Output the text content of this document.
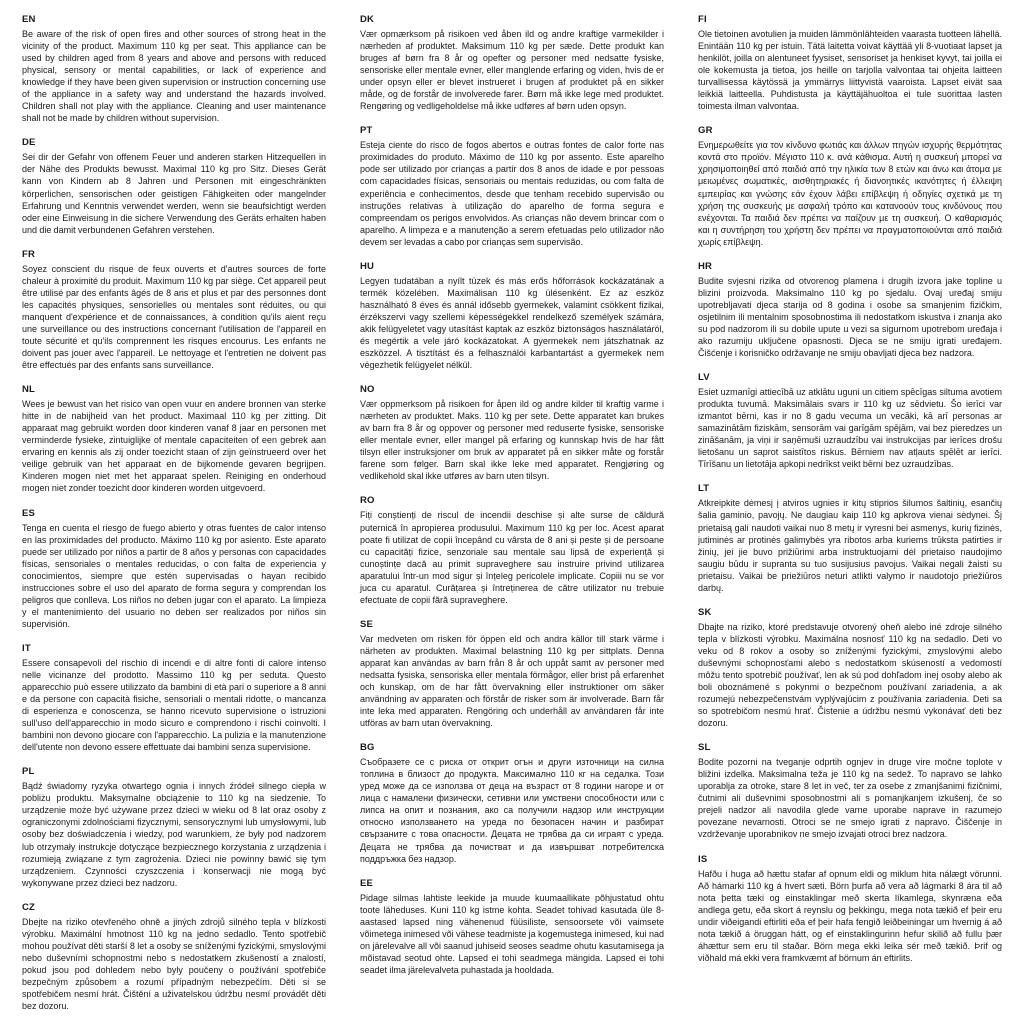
EN

Be aware of the risk of open fires and other sources of strong heat in the vicinity of the product. Maximum 110 kg per seat. This appliance can be used by children aged from 8 years and above and persons with reduced physical, sensory or mental capabilities, or lack of experience and knowledge if they have been given supervision or instruction concerning use of the appliance in a safety way and understand the hazards involved. Children shall not play with the appliance. Cleaning and user maintenance shall not be made by children without supervision.

DE

Sei dir der Gefahr von offenem Feuer und anderen starken Hitzequellen in der Nähe des Produkts bewusst. Maximal 110 kg pro Sitz. Dieses Gerät kann von Kindern ab 8 Jahren und Personen mit eingeschränkten körperlichen, sensorischen oder geistigen Fähigkeiten oder mangelnder Erfahrung und Kenntnis verwendet werden, wenn sie beaufsichtigt werden oder eine Einweisung in die sichere Verwendung des Geräts erhalten haben und die damit verbundenen Gefahren verstehen.

FR

Soyez conscient du risque de feux ouverts et d'autres sources de forte chaleur à proximité du produit. Maximum 110 kg par siège. Cet appareil peut être utilisé par des enfants âgés de 8 ans et plus et par des personnes dont les capacités physiques, sensorielles ou mentales sont réduites, ou qui manquent d'expérience et de connaissances, à condition qu'ils aient reçu une surveillance ou des instructions concernant l'utilisation de l'appareil en toute sécurité et qu'ils comprennent les risques encourus. Les enfants ne doivent pas jouer avec l'appareil. Le nettoyage et l'entretien ne doivent pas être effectués par des enfants sans surveillance.

NL

Wees je bewust van het risico van open vuur en andere bronnen van sterke hitte in de nabijheid van het product. Maximaal 110 kg per zitting. Dit apparaat mag gebruikt worden door kinderen vanaf 8 jaar en personen met verminderde fysieke, zintuiglijke of mentale capaciteiten of een gebrek aan ervaring en kennis als zij onder toezicht staan of zijn geïnstrueerd over het veilige gebruik van het apparaat en de bijkomende gevaren begrijpen. Kinderen mogen niet met het apparaat spelen. Reiniging en onderhoud mogen niet zonder toezicht door kinderen worden uitgevoerd.

ES

Tenga en cuenta el riesgo de fuego abierto y otras fuentes de calor intenso en las proximidades del producto. Máximo 110 kg por asiento. Este aparato puede ser utilizado por niños a partir de 8 años y personas con capacidades físicas, sensoriales o mentales reducidas, o con falta de experiencia y conocimientos, siempre que estén supervisadas o hayan recibido instrucciones sobre el uso del aparato de forma segura y comprendan los peligros que conlleva. Los niños no deben jugar con el aparato. La limpieza y el mantenimiento del usuario no deben ser realizados por niños sin supervisión.

IT

Essere consapevoli del rischio di incendi e di altre fonti di calore intenso nelle vicinanze del prodotto. Massimo 110 kg per seduta. Questo apparecchio può essere utilizzato da bambini di età pari o superiore a 8 anni e da persone con capacità fisiche, sensoriali o mentali ridotte, o mancanza di esperienza e conoscenza, se hanno ricevuto supervisione o istruzioni sull'uso dell'apparecchio in modo sicuro e comprendono i rischi coinvolti. I bambini non devono giocare con l'apparecchio. La pulizia e la manutenzione dell'utente non devono essere effettuate dai bambini senza supervisione.

PL

Bądź świadomy ryzyka otwartego ognia i innych źródeł silnego ciepła w pobliżu produktu. Maksymalne obciążenie to 110 kg na siedzenie. To urządzenie może być używane przez dzieci w wieku od 8 lat oraz osoby z ograniczonymi zdolnościami fizycznymi, sensorycznymi lub umysłowymi, lub osoby bez doświadczenia i wiedzy, pod warunkiem, że były pod nadzorem lub otrzymały instrukcje dotyczące bezpiecznego korzystania z urządzenia i rozumieją związane z tym zagrożenia. Dzieci nie powinny bawić się tym urządzeniem. Czynności czyszczenia i konserwacji nie mogą być wykonywane przez dzieci bez nadzoru.

CZ

Dbejte na riziko otevřeného ohně a jiných zdrojů silného tepla v blízkosti výrobku. Maximální hmotnost 110 kg na jedno sedadlo. Tento spotřebič mohou používat děti starší 8 let a osoby se sníženými fyzickými, smyslovými nebo duševními schopnostmi nebo s nedostatkem zkušeností a znalostí, pokud jsou pod dohledem nebo byly poučeny o používání spotřebiče bezpečným způsobem a rozumí případným nebezpečím. Děti si se spotřebičem nesmí hrát. Čištění a uživatelskou údržbu nesmí provádět děti bez dozoru.

DK

Vær opmærksom på risikoen ved åben ild og andre kraftige varmekilder i nærheden af produktet. Maksimum 110 kg per sæde. Dette produkt kan bruges af børn fra 8 år og opefter og personer med nedsatte fysiske, sensoriske eller mentale evner, eller manglende erfaring og viden, hvis de er under opsyn eller er blevet instrueret i brugen af produktet på en sikker måde, og de forstår de involverede farer. Børn må ikke lege med produktet. Rengøring og vedligeholdelse må ikke udføres af børn uden opsyn.

PT

Esteja ciente do risco de fogos abertos e outras fontes de calor forte nas proximidades do produto. Máximo de 110 kg por assento. Este aparelho pode ser utilizado por crianças a partir dos 8 anos de idade e por pessoas com capacidades físicas, sensoriais ou mentais reduzidas, ou com falta de experiência e conhecimentos, desde que tenham recebido supervisão ou instruções relativas à utilização do aparelho de forma segura e compreendam os perigos envolvidos. As crianças não devem brincar com o aparelho. A limpeza e a manutenção a serem efetuadas pelo utilizador não devem ser levadas a cabo por crianças sem supervisão.

HU

Legyen tudatában a nyílt tüzek és más erős hőforrások kockázatának a termék közelében. Maximálisan 110 kg ülésenként. Ez az eszköz használható 8 éves és annál idősebb gyermekek, valamint csökkent fizikai, érzékszervi vagy szellemi képességekkel rendelkező személyek számára, akik felügyeletet vagy utasítást kaptak az eszköz biztonságos használatáról, és megértik a vele járó kockázatokat. A gyermekek nem játszhatnak az eszközzel. A tisztítást és a felhasználói karbantartást a gyermekek nem végezhetik felügyelet nélkül.

NO

Vær oppmerksom på risikoen for åpen ild og andre kilder til kraftig varme i nærheten av produktet. Maks. 110 kg per sete. Dette apparatet kan brukes av barn fra 8 år og oppover og personer med reduserte fysiske, sensoriske eller mentale evner, eller mangel på erfaring og kunnskap hvis de har fått tilsyn eller instruksjoner om bruk av apparatet på en sikker måte og forstår farene som følger. Barn skal ikke leke med apparatet. Rengjøring og vedlikehold skal ikke utføres av barn uten tilsyn.

RO

Fiți conștienți de riscul de incendii deschise și alte surse de căldură puternică în apropierea produsului. Maximum 110 kg per loc. Acest aparat poate fi utilizat de copii începând cu vârsta de 8 ani și peste și de persoane cu capacități fizice, senzoriale sau mentale sau lipsă de experiență și cunoștințe dacă au primit supraveghere sau instruire privind utilizarea aparatului într-un mod sigur și înțeleg pericolele implicate. Copiii nu se vor juca cu aparatul. Curățarea și întreținerea de către utilizator nu trebuie efectuate de copii fără supraveghere.

SE

Var medveten om risken för öppen eld och andra källor till stark värme i närheten av produkten. Maximal belastning 110 kg per sittplats. Denna apparat kan användas av barn från 8 år och uppåt samt av personer med nedsatta fysiska, sensoriska eller mentala förmågor, eller brist på erfarenhet och kunskap, om de har fått övervakning eller instruktioner om säker användning av apparaten och förstår de risker som är involverade. Barn får inte leka med apparaten. Rengöring och underhåll av användaren får inte utföras av barn utan övervakning.

BG

Съобразете се с риска от открит огън и други източници на силна топлина в близост до продукта. Максимално 110 кг на седалка. Този уред може да се използва от деца на възраст от 8 години нагоре и от лица с намалени физически, сетивни или умствени способности или с липса на опит и познания, ако са получили надзор или инструкции относно използването на уреда по безопасен начин и разбират свързаните с това опасности. Децата не трябва да си играят с уреда. Децата не трябва да почистват и да извършват потребителска поддръжка без надзор.

EE

Pidage silmas lahtiste leekide ja muude kuumaallikate põhjustatud ohtu toote läheduses. Kuni 110 kg istme kohta. Seadet tohivad kasutada üle 8-aastased lapsed ning vähenenud füüsiliste, sensoorsete või vaimsete võimetega inimesed või vähese teadmiste ja kogemustega inimesed, kui nad on järelevalve all või saanud juhiseid seoses seadme ohutu kasutamisega ja mõistavad seotud ohte. Lapsed ei tohi seadmega mängida. Lapsed ei tohi seadet ilma järelevalveta puhastada ja hooldada.

FI

Ole tietoinen avotulien ja muiden lämmönlähteiden vaarasta tuotteen lähellä. Enintään 110 kg per istuin. Tätä laitetta voivat käyttää yli 8-vuotiaat lapset ja henkilöt, joilla on alentuneet fyysiset, sensoriset ja henkiset kyvyt, tai joilla ei ole kokemusta ja tietoa, jos heille on tarjolla valvontaa tai ohjeita laitteen turvallisessa käytössä ja ymmärrys liittyvistä vaaroista. Lapset eivät saa leikkiä laitteella. Puhdistusta ja käyttäjähuoltoa ei tule suorittaa lasten toimesta ilman valvontaa.

GR

Ενημερωθείτε για τον κίνδυνο φωτιάς και άλλων πηγών ισχυρής θερμότητας κοντά στο προϊόν. Μέγιστο 110 κ. ανά κάθισμα. Αυτή η συσκευή μπορεί να χρησιμοποιηθεί από παιδιά από την ηλικία των 8 ετών και άνω και άτομα με μειωμένες σωματικές, αισθητηριακές ή διανοητικές ικανότητες ή έλλειψη εμπειρίας και γνώσης εάν έχουν λάβει επίβλεψη ή οδηγίες σχετικά με τη χρήση της συσκευής με ασφαλή τρόπο και κατανοούν τους κινδύνους που ενέχονται. Τα παιδιά δεν πρέπει να παίζουν με τη συσκευή. Ο καθαρισμός και η συντήρηση του χρήστη δεν πρέπει να πραγματοποιούνται από παιδιά χωρίς επίβλεψη.

HR

Budite svjesni rizika od otvorenog plamena i drugih izvora jake topline u blizini proizvoda. Maksimalno 110 kg po sjedalu. Ovaj uređaj smiju upotrebljavati djeca starija od 8 godina i osobe sa smanjenim fizičkim, osjetilnim ili mentalnim sposobnostima ili nedostatkom iskustva i znanja ako su pod nadzorom ili su dobile upute u vezi sa sigurnom upotrebom uređaja i ako razumiju uključene opasnosti. Djeca se ne smiju igrati uređajem. Čišćenje i korisničko održavanje ne smiju obavljati djeca bez nadzora.

LV

Esiet uzmanīgi attiecībā uz atklātu uguni un citiem spēcīgas siltuma avotiem produkta tuvumā. Maksimālais svars ir 110 kg uz sēdvietu. Šo ierīci var izmantot bērni, kas ir no 8 gadu vecuma un vecāki, kā arī personas ar samazinātām fiziskām, sensorām vai garīgām spējām, vai bez pieredzes un zināšanām, ja viņi ir saņēmuši uzraudzību vai instrukcijas par ierīces drošu lietošanu un saprot saistītos riskus. Bērniem nav atļauts spēlēt ar ierīci. Tīrīšanu un lietotāja apkopi nedrīkst veikt bērni bez uzraudzības.

LT

Atkreipkite dėmesį į atviros ugnies ir kitų stiprios šilumos šaltinių, esančių šalia gaminio, pavojų. Ne daugiau kaip 110 kg apkrova vienai sėdynei. Šį prietaisą gali naudoti vaikai nuo 8 metų ir vyresni bei asmenys, kurių fizinės, jutiminės ar protinės galimybės yra ribotos arba kuriems trūksta patirties ir žinių, jei jie buvo prižiūrimi arba instruktuojami dėl prietaiso naudojimo saugiu būdu ir supranta su tuo susijusius pavojus. Vaikai negali žaisti su prietaisu. Vaikai be priežiūros neturi atlikti valymo ir naudotojo priežiūros darbų.

SK

Dbajte na riziko, ktoré predstavuje otvorený oheň alebo iné zdroje silného tepla v blízkosti výrobku. Maximálna nosnosť 110 kg na sedadlo. Deti vo veku od 8 rokov a osoby so zníženými fyzickými, zmyslovými alebo duševnými schopnosťami alebo s nedostatkom skúseností a vedomostí môžu tento spotrebič používať, len ak sú pod dohľadom inej osoby alebo ak boli oboznámené s pokynmi o bezpečnom používaní zariadenia, a ak rozumejú nebezpečenstvám vyplývajúcim z používania zariadenia. Deti sa so spotrebičom nesmú hrať. Čistenie a údržbu nesmú vykonávať deti bez dozoru.

SL

Bodite pozorni na tveganje odprtih ognjev in druge vire močne toplote v bližini izdelka. Maksimalna teža je 110 kg na sedež. To napravo se lahko uporablja za otroke, stare 8 let in več, ter za osebe z zmanjšanimi fizičnimi, čutnimi ali duševnimi sposobnostmi ali s pomanjkanjem izkušenj, če so prejeli nadzor ali navodila glede varne uporabe naprave in razumejo povezane nevarnosti. Otroci se ne smejo igrati z napravo. Čiščenje in vzdrževanje uporabnikov ne smejo izvajati otroci brez nadzora.

IS

Hafðu í huga að hættu stafar af opnum eldi og miklum hita nálægt vörunni. Að hámarki 110 kg á hvert sæti. Börn þurfa að vera að lágmarki 8 ára til að nota þetta tæki og einstaklingar með skerta líkamlega, skynræna eða andlega getu, eða skort á reynslu og þekkingu, mega nota tækið ef þeir eru undir viðeigandi eftirliti eða ef þeir hafa fengið leiðbeiningar um hvernig á að nota tækið á öruggan hátt, og ef einstaklingurinn hefur skilið að fullu þær áhættur sem eru til staðar. Börn mega ekki leika sér með tækið. Þrif og viðhald má ekki vera framkvæmt af börnum án eftirlits.
